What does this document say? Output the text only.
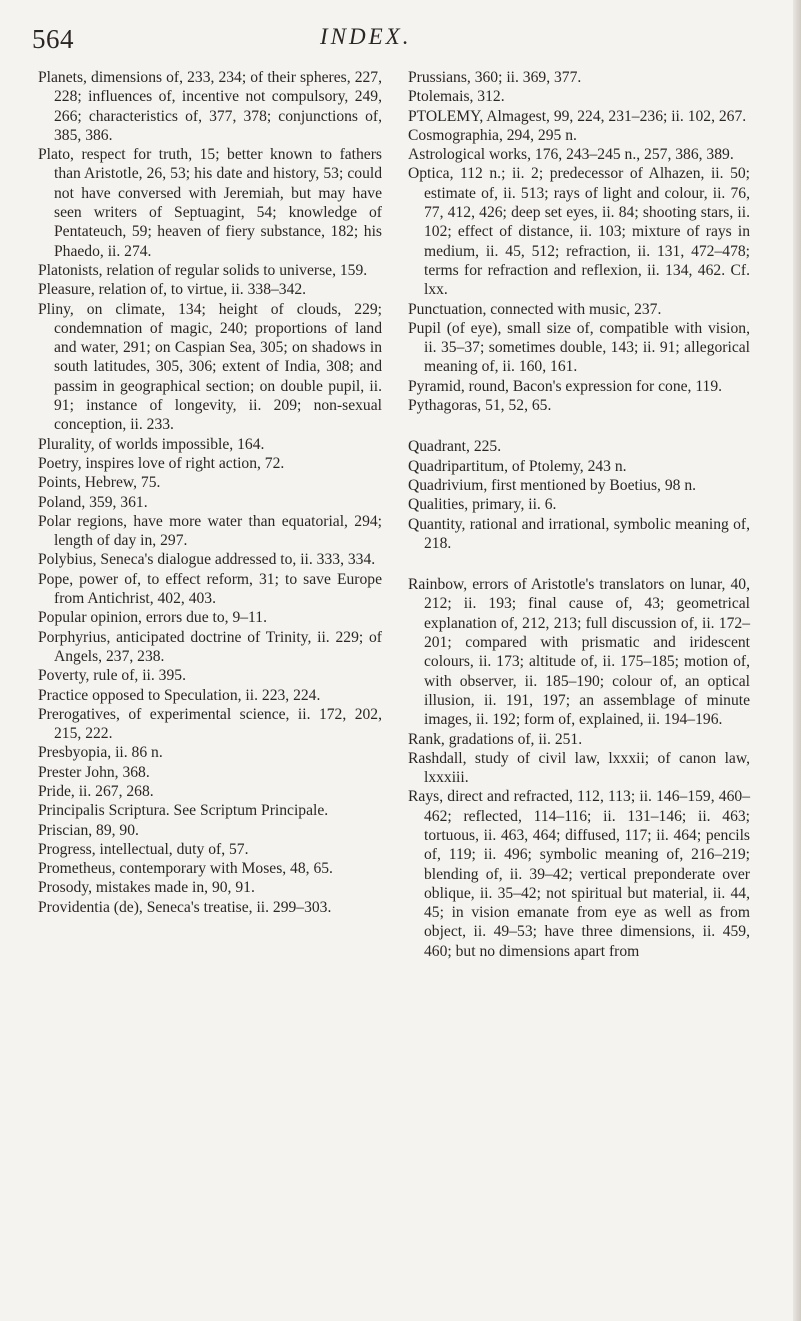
564	INDEX.

Planets, dimensions of, 233, 234; of their spheres, 227, 228; influences of, incentive not compulsory, 249, 266; characteristics of, 377, 378; conjunctions of, 385, 386.

Plato, respect for truth, 15; better known to fathers than Aristotle, 26, 53; his date and history, 53; could not have conversed with Jeremiah, but may have seen writers of Septuagint, 54; knowledge of Pentateuch, 59; heaven of fiery substance, 182; his Phaedo, ii. 274.

Platonists, relation of regular solids to universe, 159.

Pleasure, relation of, to virtue, ii. 338–342.

Pliny, on climate, 134; height of clouds, 229; condemnation of magic, 240; proportions of land and water, 291; on Caspian Sea, 305; on shadows in south latitudes, 305, 306; extent of India, 308; and passim in geographical section; on double pupil, ii. 91; instance of longevity, ii. 209; non-sexual conception, ii. 233.

Plurality, of worlds impossible, 164.

Poetry, inspires love of right action, 72.

Points, Hebrew, 75.

Poland, 359, 361.

Polar regions, have more water than equatorial, 294; length of day in, 297.

Polybius, Seneca's dialogue addressed to, ii. 333, 334.

Pope, power of, to effect reform, 31; to save Europe from Antichrist, 402, 403.

Popular opinion, errors due to, 9–11.

Porphyrius, anticipated doctrine of Trinity, ii. 229; of Angels, 237, 238.

Poverty, rule of, ii. 395.

Practice opposed to Speculation, ii. 223, 224.

Prerogatives, of experimental science, ii. 172, 202, 215, 222.

Presbyopia, ii. 86 n.

Prester John, 368.

Pride, ii. 267, 268.

Principalis Scriptura. See Scriptum Principale.

Priscian, 89, 90.

Progress, intellectual, duty of, 57.

Prometheus, contemporary with Moses, 48, 65.

Prosody, mistakes made in, 90, 91.

Providentia (de), Seneca's treatise, ii. 299–303.

Prussians, 360; ii. 369, 377.

Ptolemais, 312.

PTOLEMY, Almagest, 99, 224, 231–236; ii. 102, 267.

Cosmographia, 294, 295 n.

Astrological works, 176, 243–245 n., 257, 386, 389.

Optica, 112 n.; ii. 2; predecessor of Alhazen, ii. 50; estimate of, ii. 513; rays of light and colour, ii. 76, 77, 412, 426; deep set eyes, ii. 84; shooting stars, ii. 102; effect of distance, ii. 103; mixture of rays in medium, ii. 45, 512; refraction, ii. 131, 472–478; terms for refraction and reflexion, ii. 134, 462. Cf. lxx.

Punctuation, connected with music, 237.

Pupil (of eye), small size of, compatible with vision, ii. 35–37; sometimes double, 143; ii. 91; allegorical meaning of, ii. 160, 161.

Pyramid, round, Bacon's expression for cone, 119.

Pythagoras, 51, 52, 65.

Quadrant, 225.

Quadripartitum, of Ptolemy, 243 n.

Quadrivium, first mentioned by Boetius, 98 n.

Qualities, primary, ii. 6.

Quantity, rational and irrational, symbolic meaning of, 218.

Rainbow, errors of Aristotle's translators on lunar, 40, 212; ii. 193; final cause of, 43; geometrical explanation of, 212, 213; full discussion of, ii. 172–201; compared with prismatic and iridescent colours, ii. 173; altitude of, ii. 175–185; motion of, with observer, ii. 185–190; colour of, an optical illusion, ii. 191, 197; an assemblage of minute images, ii. 192; form of, explained, ii. 194–196.

Rank, gradations of, ii. 251.

Rashdall, study of civil law, lxxxii; of canon law, lxxxiii.

Rays, direct and refracted, 112, 113; ii. 146–159, 460–462; reflected, 114–116; ii. 131–146; ii. 463; tortuous, ii. 463, 464; diffused, 117; ii. 464; pencils of, 119; ii. 496; symbolic meaning of, 216–219; blending of, ii. 39–42; vertical preponderate over oblique, ii. 35–42; not spiritual but material, ii. 44, 45; in vision emanate from eye as well as from object, ii. 49–53; have three dimensions, ii. 459, 460; but no dimensions apart from
